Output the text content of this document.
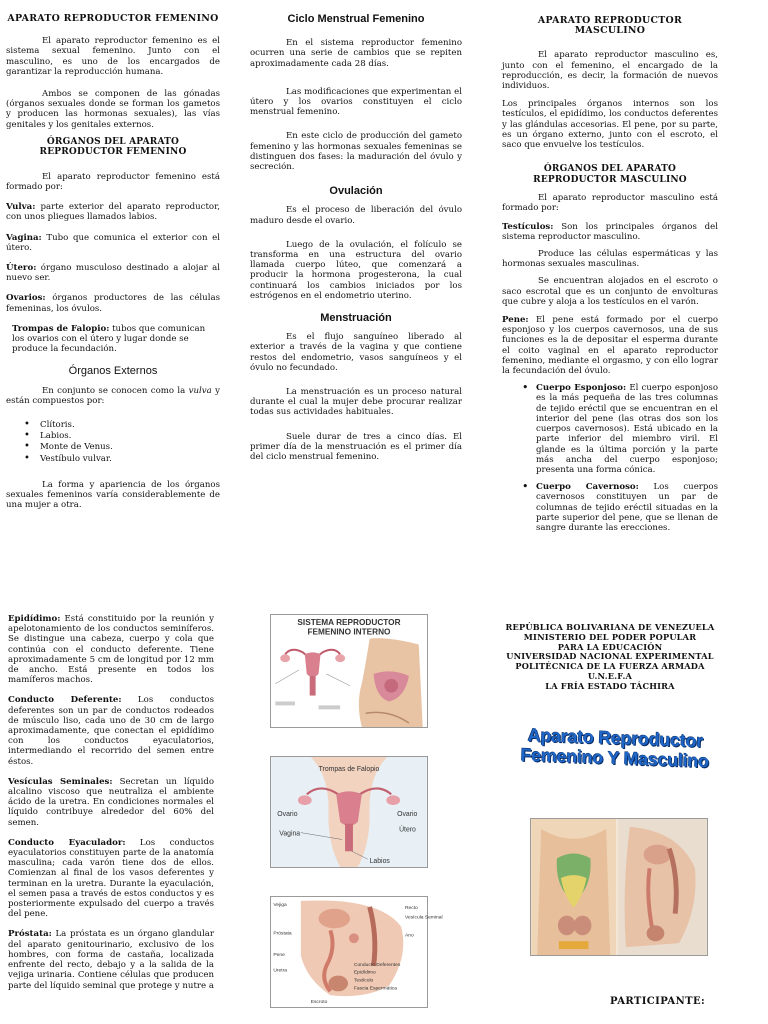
APARATO REPRODUCTOR FEMENINO

El aparato reproductor femenino es el sistema sexual femenino. Junto con el masculino, es uno de los encargados de garantizar la reproducción humana.

Ambos se componen de las gónadas (órganos sexuales donde se forman los gametos y producen las hormonas sexuales), las vías genitales y los genitales externos.

ÓRGANOS DEL APARATO REPRODUCTOR FEMENINO

El aparato reproductor femenino está formado por:

Vulva: parte exterior del aparato reproductor, con unos pliegues llamados labios.

Vagina: Tubo que comunica el exterior con el útero.

Útero: órgano musculoso destinado a alojar al nuevo ser.

Ovarios: órganos productores de las células femeninas, los óvulos.

Trompas de Falopio: tubos que comunican los ovarios con el útero y lugar donde se produce la fecundación.

Órganos Externos

En conjunto se conocen como la vulva y están compuestos por:

• Clítoris.
• Labios.
• Monte de Venus.
• Vestíbulo vulvar.

La forma y apariencia de los órganos sexuales femeninos varía considerablemente de una mujer a otra.

Ciclo Menstrual Femenino

En el sistema reproductor femenino ocurren una serie de cambios que se repiten aproximadamente cada 28 días.

Las modificaciones que experimentan el útero y los ovarios constituyen el ciclo menstrual femenino.

En este ciclo de producción del gameto femenino y las hormonas sexuales femeninas se distinguen dos fases: la maduración del óvulo y secreción.

Ovulación

Es el proceso de liberación del óvulo maduro desde el ovario.

Luego de la ovulación, el folículo se transforma en una estructura del ovario llamada cuerpo lúteo, que comenzará a producir la hormona progesterona, la cual continuará los cambios iniciados por los estrógenos en el endometrio uterino.

Menstruación

Es el flujo sanguíneo liberado al exterior a través de la vagina y que contiene restos del endometrio, vasos sanguíneos y el óvulo no fecundado.

La menstruación es un proceso natural durante el cual la mujer debe procurar realizar todas sus actividades habituales.

Suele durar de tres a cinco días. El primer día de la menstruación es el primer día del ciclo menstrual femenino.

APARATO REPRODUCTOR MASCULINO

El aparato reproductor masculino es, junto con el femenino, el encargado de la reproducción, es decir, la formación de nuevos individuos.

Los principales órganos internos son los testículos, el epidídimo, los conductos deferentes y las glándulas accesorias. El pene, por su parte, es un órgano externo, junto con el escroto, el saco que envuelve los testículos.

ÓRGANOS DEL APARATO REPRODUCTOR MASCULINO

El aparato reproductor masculino está formado por:

Testículos: Son los principales órganos del sistema reproductor masculino.

Produce las células espermáticas y las hormonas sexuales masculinas.

Se encuentran alojados en el escroto o saco escrotal que es un conjunto de envolturas que cubre y aloja a los testículos en el varón.

Pene: El pene está formado por el cuerpo esponjoso y los cuerpos cavernosos, una de sus funciones es la de depositar el esperma durante el coito vaginal en el aparato reproductor femenino, mediante el orgasmo, y con ello lograr la fecundación del óvulo.

• Cuerpo Esponjoso: El cuerpo esponjoso es la más pequeña de las tres columnas de tejido eréctil que se encuentran en el interior del pene (las otras dos son los cuerpos cavernosos). Está ubicado en la parte inferior del miembro viril. El glande es la última porción y la parte más ancha del cuerpo esponjoso; presenta una forma cónica.
• Cuerpo Cavernoso: Los cuerpos cavernosos constituyen un par de columnas de tejido eréctil situadas en la parte superior del pene, que se llenan de sangre durante las erecciones.

Epidídimo: Está constituido por la reunión y apelotonamiento de los conductos seminíferos. Se distingue una cabeza, cuerpo y cola que continúa con el conducto deferente. Tiene aproximadamente 5 cm de longitud por 12 mm de ancho. Está presente en todos los mamíferos machos.

Conducto Deferente: Los conductos deferentes son un par de conductos rodeados de músculo liso, cada uno de 30 cm de largo aproximadamente, que conectan el epidídimo con los conductos eyaculatorios, intermediando el recorrido del semen entre éstos.

Vesículas Seminales: Secretan un líquido alcalino viscoso que neutraliza el ambiente ácido de la uretra. En condiciones normales el líquido contribuye alrededor del 60% del semen.

Conducto Eyaculador: Los conductos eyaculatorios constituyen parte de la anatomía masculina; cada varón tiene dos de ellos. Comienzan al final de los vasos deferentes y terminan en la uretra. Durante la eyaculación, el semen pasa a través de estos conductos y es posteriormente expulsado del cuerpo a través del pene.

Próstata: La próstata es un órgano glandular del aparato genitourinario, exclusivo de los hombres, con forma de castaña, localizada enfrente del recto, debajo y a la salida de la vejiga urinaria. Contiene células que producen parte del líquido seminal que protege y nutre a

SISTEMA REPRODUCTOR
FEMENINO INTERNO
Trompas de Falopio
Ovario	Ovario
Vagina
Útero
Labios
Vejiga
Próstata
Pene
Uretra
Escroto
Recto
Vesícula Seminal
Ano
Conducto Deferentes
Epidídimo
Testículo
Fascia Espermática
REPÚBLICA BOLIVARIANA DE VENEZUELA
MINISTERIO DEL PODER POPULAR
PARA LA EDUCACIÓN
UNIVERSIDAD NACIONAL EXPERIMENTAL
POLITÉCNICA DE LA FUERZA ARMADA
U.N.E.F.A
LA FRÍA ESTADO TÁCHIRA
Aparato Reproductor
Femenino Y Masculino
PARTICIPANTE:
